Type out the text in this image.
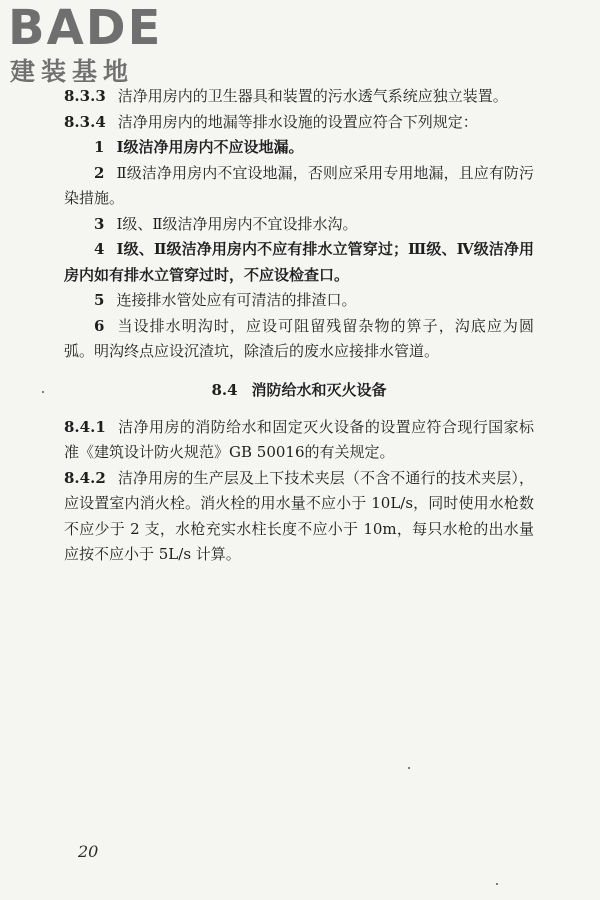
BADE
建装基地

8.3.3 洁净用房内的卫生器具和装置的污水透气系统应独立装置。

8.3.4 洁净用房内的地漏等排水设施的设置应符合下列规定：

1 Ⅰ级洁净用房内不应设地漏。

2 Ⅱ级洁净用房内不宜设地漏，否则应采用专用地漏，且应有防污染措施。

3 Ⅰ级、Ⅱ级洁净用房内不宜设排水沟。

4 Ⅰ级、Ⅱ级洁净用房内不应有排水立管穿过；Ⅲ级、Ⅳ级洁净用房内如有排水立管穿过时，不应设检查口。

5 连接排水管处应有可清洁的排渣口。

6 当设排水明沟时，应设可阻留残留杂物的箅子，沟底应为圆弧。明沟终点应设沉渣坑，除渣后的废水应接排水管道。

8.4 消防给水和灭火设备

8.4.1 洁净用房的消防给水和固定灭火设备的设置应符合现行国家标准《建筑设计防火规范》GB 50016的有关规定。

8.4.2 洁净用房的生产层及上下技术夹层（不含不通行的技术夹层），应设置室内消火栓。消火栓的用水量不应小于 10L/s，同时使用水枪数不应少于 2 支，水枪充实水柱长度不应小于 10m，每只水枪的出水量应按不应小于 5L/s 计算。

20
